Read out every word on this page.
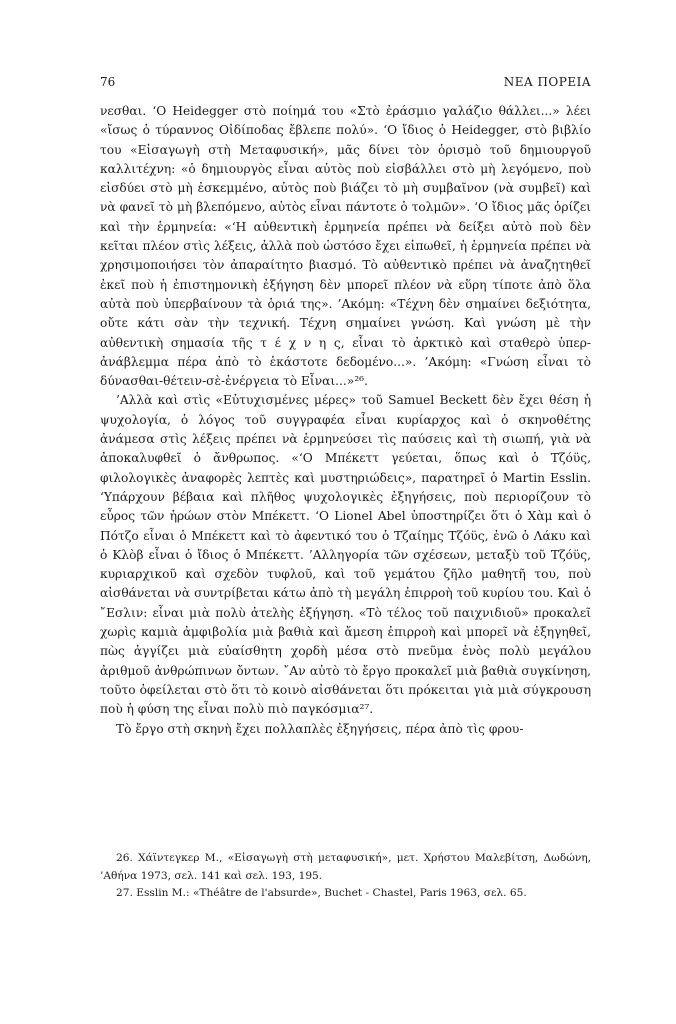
76	ΝΕΑ ΠΟΡΕΙΑ

νεσθαι. ‘Ο Heidegger στὸ ποίημά του «Στὸ ἐράσμιο γαλάζιο θάλλει...» λέει «ἴσως ὁ τύραννος Οἰδίποδας ἔβλεπε πολύ». ‘Ο ἴδιος ὁ Heidegger, στὸ βιβλίο του «Εἰσαγωγὴ στὴ Μεταφυσική», μᾶς δίνει τὸν ὁρισμὸ τοῦ δημιουργοῦ καλλιτέχνη: «ὁ δημιουργὸς εἶναι αὐτὸς ποὺ εἰσβάλλει στὸ μὴ λεγόμενο, ποὺ εἰσδύει στὸ μὴ ἐσκεμμένο, αὐτὸς ποὺ βιάζει τὸ μὴ συμβαῖνον (νὰ συμβεῖ) καὶ νὰ φανεῖ τὸ μὴ βλεπόμενο, αὐτὸς εἶναι πάντοτε ὁ τολμῶν». ‘Ο ἴδιος μᾶς ὁρίζει καὶ τὴν ἑρμηνεία: «‘Η αὐθεντικὴ ἑρμηνεία πρέπει νὰ δείξει αὐτὸ ποὺ δὲν κεῖται πλέον στὶς λέξεις, ἀλλὰ ποὺ ὡστόσο ἔχει εἰπωθεῖ, ἡ ἑρμηνεία πρέπει νὰ χρησιμοποιήσει τὸν ἀπαραίτητο βιασμό. Τὸ αὐθεντικὸ πρέπει νὰ ἀναζητηθεῖ ἐκεῖ ποὺ ἡ ἐπιστημονικὴ ἐξήγηση δὲν μπορεῖ πλέον νὰ εὕρη τίποτε ἀπὸ ὅλα αὐτὰ ποὺ ὑπερβαίνουν τὰ ὁριά της». ’Ακόμη: «Τέχνη δὲν σημαίνει δεξιότητα, οὔτε κάτι σὰν τὴν τεχνική. Τέχνη σημαίνει γνώση. Καὶ γνώση μὲ τὴν αὐθεντικὴ σημασία τῆς τ έ χ ν η ς, εἶναι τὸ ἀρκτικὸ καὶ σταθερὸ ὑπερ-ἀνάβλεμμα πέρα ἀπὸ τὸ ἑκάστοτε δεδομένο...». ’Ακόμη: «Γνώση εἶναι τὸ δύνασθαι-θέτειν-σὲ-ἐνέργεια τὸ Εἶναι...»²⁶.

’Αλλὰ καὶ στὶς «Εὐτυχισμένες μέρες» τοῦ Samuel Beckett δὲν ἔχει θέση ἡ ψυχολογία, ὁ λόγος τοῦ συγγραφέα εἶναι κυρίαρχος καὶ ὁ σκηνοθέτης ἀνάμεσα στὶς λέξεις πρέπει νὰ ἑρμηνεύσει τὶς παύσεις καὶ τὴ σιωπή, γιὰ νὰ ἀποκαλυφθεῖ ὁ ἄνθρωπος. «‘Ο Μπέκεττ γεύεται, ὅπως καὶ ὁ Τζόϋς, φιλολογικὲς ἀναφορὲς λεπτὲς καὶ μυστηριώδεις», παρατηρεῖ ὁ Martin Esslin. ‘Υπάρχουν βέβαια καὶ πλῆθος ψυχολογικὲς ἐξηγήσεις, ποὺ περιορίζουν τὸ εὖρος τῶν ἡρώων στὸν Μπέκεττ. ‘Ο Lionel Abel ὑποστηρίζει ὅτι ὁ Χὰμ καὶ ὁ Πότζο εἶναι ὁ Μπέκεττ καὶ τὸ ἀφεντικό του ὁ Τζαίημς Τζόϋς, ἐνῶ ὁ Λάκυ καὶ ὁ Κλὸβ εἶναι ὁ ἴδιος ὁ Μπέκεττ. ’Αλληγορία τῶν σχέσεων, μεταξὺ τοῦ Τζόϋς, κυριαρχικοῦ καὶ σχεδὸν τυφλοῦ, καὶ τοῦ γεμάτου ζῆλο μαθητῆ του, ποὺ αἰσθάνεται νὰ συντρίβεται κάτω ἀπὸ τὴ μεγάλη ἐπιρροὴ τοῦ κυρίου του. Καὶ ὁ ῎Εσλιν: εἶναι μιὰ πολὺ ἀτελὴς ἐξήγηση. «Τὸ τέλος τοῦ παιχνιδιοῦ» προκαλεῖ χωρὶς καμιὰ ἀμφιβολία μιὰ βαθιὰ καὶ ἄμεση ἐπιρροὴ καὶ μπορεῖ νὰ ἐξηγηθεῖ, πὼς ἀγγίζει μιὰ εὐαίσθητη χορδὴ μέσα στὸ πνεῦμα ἑνὸς πολὺ μεγάλου ἀριθμοῦ ἀνθρώπινων ὄντων. ῎Αν αὐτὸ τὸ ἔργο προκαλεῖ μιὰ βαθιὰ συγκίνηση, τοῦτο ὀφείλεται στὸ ὅτι τὸ κοινὸ αἰσθάνεται ὅτι πρόκειται γιὰ μιὰ σύγκρουση ποὺ ἡ φύση της εἶναι πολὺ πιὸ παγκόσμια²⁷.

Τὸ ἔργο στὴ σκηνὴ ἔχει πολλαπλὲς ἐξηγήσεις, πέρα ἀπὸ τὶς φρου-

26. Χάϊντεγκερ Μ., «Εἰσαγωγὴ στὴ μεταφυσική», μετ. Χρήστου Μαλεβίτση, Δωδώνη, ’Αθήνα 1973, σελ. 141 καὶ σελ. 193, 195.

27. Esslin M.: «Théâtre de l'absurde», Buchet - Chastel, Paris 1963, σελ. 65.
